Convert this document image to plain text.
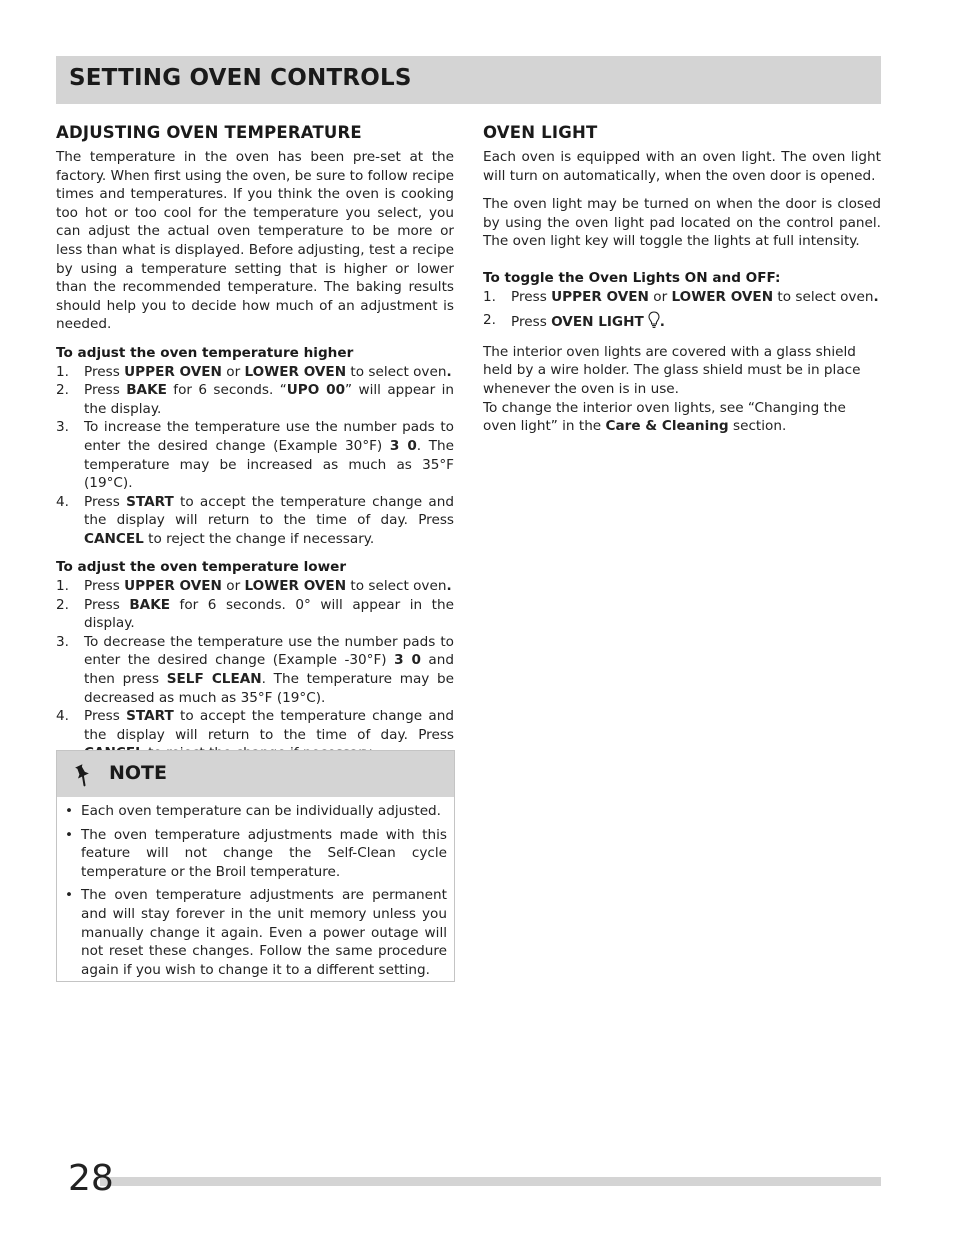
SETTING OVEN CONTROLS
ADJUSTING OVEN TEMPERATURE

The temperature in the oven has been pre-set at the factory. When first using the oven, be sure to follow recipe times and temperatures. If you think the oven is cooking too hot or too cool for the temperature you select, you can adjust the actual oven temperature to be more or less than what is displayed. Before adjusting, test a recipe by using a temperature setting that is higher or lower than the recommended temperature. The baking results should help you to decide how much of an adjustment is needed.

To adjust the oven temperature higher
1. Press UPPER OVEN or LOWER OVEN to select oven.
2. Press BAKE for 6 seconds. “UPO 00” will appear in the display.
3. To increase the temperature use the number pads to enter the desired change (Example 30°F) 3 0. The temperature may be increased as much as 35°F (19°C).
4. Press START to accept the temperature change and the display will return to the time of day. Press CANCEL to reject the change if necessary.
To adjust the oven temperature lower
1. Press UPPER OVEN or LOWER OVEN to select oven.
2. Press BAKE for 6 seconds. 0° will appear in the display.
3. To decrease the temperature use the number pads to enter the desired change (Example -30°F) 3 0 and then press SELF CLEAN. The temperature may be decreased as much as 35°F (19°C).
4. Press START to accept the temperature change and the display will return to the time of day. Press
NOTE
• Each oven temperature can be individually adjusted.
• The oven temperature adjustments made with this feature will not change the Self-Clean cycle temperature or the Broil temperature.
• The oven temperature adjustments are permanent and will stay forever in the unit memory unless you manually change it again. Even a power outage will not reset these changes. Follow the same procedure again if you wish to change it to a different setting.
OVEN LIGHT

Each oven is equipped with an oven light. The oven light will turn on automatically, when the oven door is opened.

The oven light may be turned on when the door is closed by using the oven light pad located on the control panel. The oven light key will toggle the lights at full intensity.

To toggle the Oven Lights ON and OFF:
1. Press UPPER OVEN or LOWER OVEN to select oven.
2. Press OVEN LIGHT .

The interior oven lights are covered with a glass shield held by a wire holder. The glass shield must be in place whenever the oven is in use.

To change the interior oven lights, see “Changing the oven light” in the Care & Cleaning section.

28
